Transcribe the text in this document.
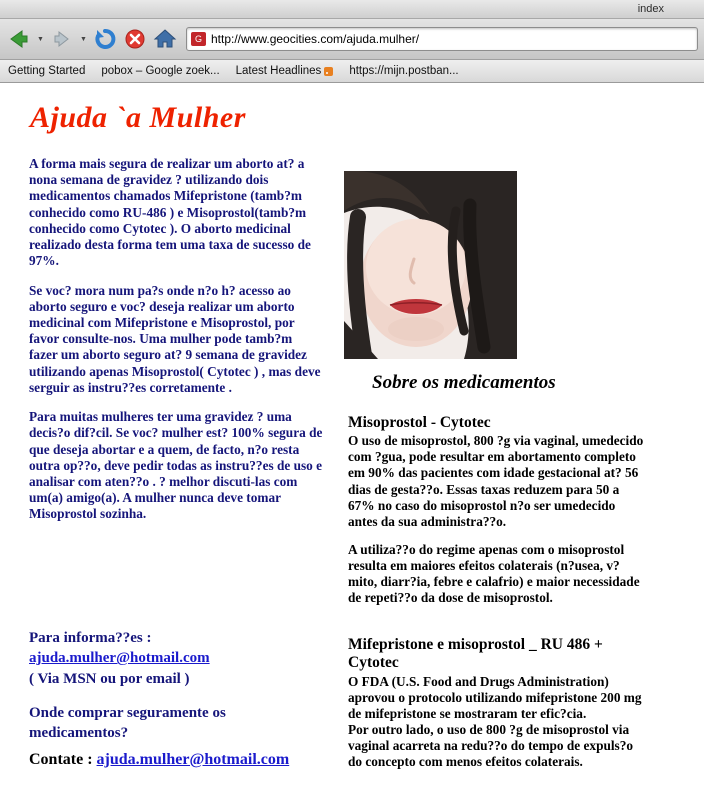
index
▼	▼	G http://www.geocities.com/ajuda.mulher/
Getting Started pobox – Google zoek... Latest Headlines https://mijn.postban...
Ajuda `a Mulher

A forma mais segura de realizar um aborto at? a nona semana de gravidez ? utilizando dois medicamentos chamados Mifepristone (tamb?m conhecido como RU-486 ) e Misoprostol(tamb?m conhecido como Cytotec ). O aborto medicinal realizado desta forma tem uma taxa de sucesso de 97%.

Se voc? mora num pa?s onde n?o h? acesso ao aborto seguro e voc? deseja realizar um aborto medicinal com Mifepristone e Misoprostol, por favor consulte-nos. Uma mulher pode tamb?m fazer um aborto seguro at? 9 semana de gravidez utilizando apenas Misoprostol( Cytotec ) , mas deve serguir as instru??es corretamente .

Para muitas mulheres ter uma gravidez ? uma decis?o dif?cil. Se voc? mulher est? 100% segura de que deseja abortar e a quem, de facto, n?o resta outra op??o, deve pedir todas as instru??es de uso e analisar com aten??o . ? melhor discuti-las com um(a) amigo(a). A mulher nunca deve tomar Misoprostol sozinha.

Sobre os medicamentos
Misoprostol - Cytotec

O uso de misoprostol, 800 ?g via vaginal, umedecido com ?gua, pode resultar em abortamento completo em 90% das pacientes com idade gestacional at? 56 dias de gesta??o. Essas taxas reduzem para 50 a 67% no caso do misoprostol n?o ser umedecido antes da sua administra??o.

A utiliza??o do regime apenas com o misoprostol resulta em maiores efeitos colaterais (n?usea, v?mito, diarr?ia, febre e calafrio) e maior necessidade de repeti??o da dose de misoprostol.

Mifepristone e misoprostol _ RU 486 + Cytotec

O FDA (U.S. Food and Drugs Administration) aprovou o protocolo utilizando mifepristone 200 mg de mifepristone se mostraram ter efic?cia.

Por outro lado, o uso de 800 ?g de misoprostol via vaginal acarreta na redu??o do tempo de expuls?o do concepto com menos efeitos colaterais.

Para informa??es :
ajuda.mulher@hotmail.com
( Via MSN ou por email )
Onde comprar seguramente os
medicamentos?
Contate : ajuda.mulher@hotmail.com
